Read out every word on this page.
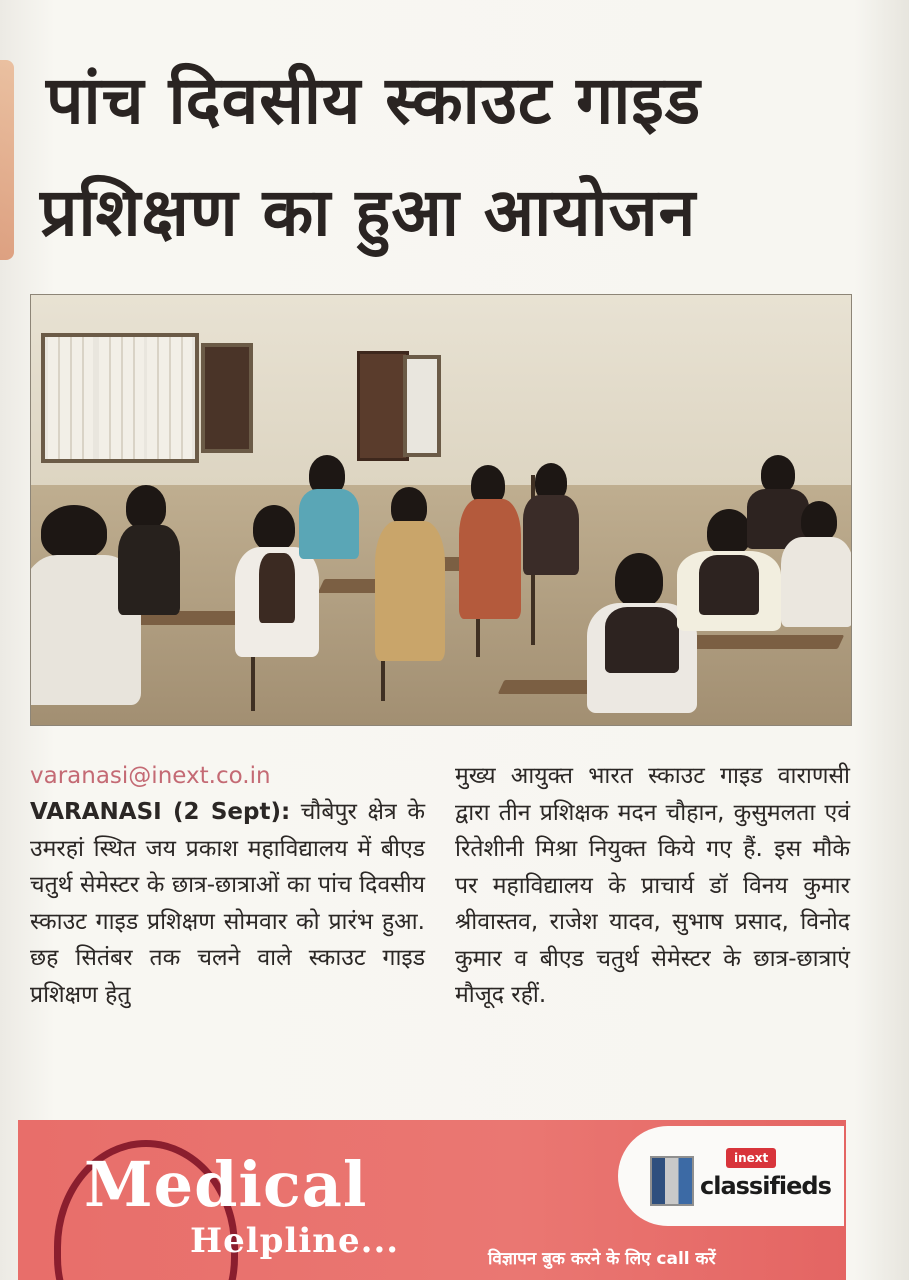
पांच दिवसीय स्काउट गाइड
प्रशिक्षण का हुआ आयोजन
varanasi@inext.co.in
VARANASI (2 Sept): चौबेपुर क्षेत्र के उमरहां स्थित जय प्रकाश महाविद्यालय में बीएड चतुर्थ सेमेस्टर के छात्र-छात्राओं का पांच दिवसीय स्काउट गाइड प्रशिक्षण सोमवार को प्रारंभ हुआ. छह सितंबर तक चलने वाले स्काउट गाइड प्रशिक्षण हेतु
मुख्य आयुक्त भारत स्काउट गाइड वाराणसी द्वारा तीन प्रशिक्षक मदन चौहान, कुसुमलता एवं रितेशीनी मिश्रा नियुक्त किये गए हैं. इस मौके पर महाविद्यालय के प्राचार्य डॉ विनय कुमार श्रीवास्तव, राजेश यादव, सुभाष प्रसाद, विनोद कुमार व बीएड चतुर्थ सेमेस्टर के छात्र-छात्राएं मौजूद रहीं.
Medical
Helpline...
inext
classifieds
विज्ञापन बुक करने के लिए call करें
